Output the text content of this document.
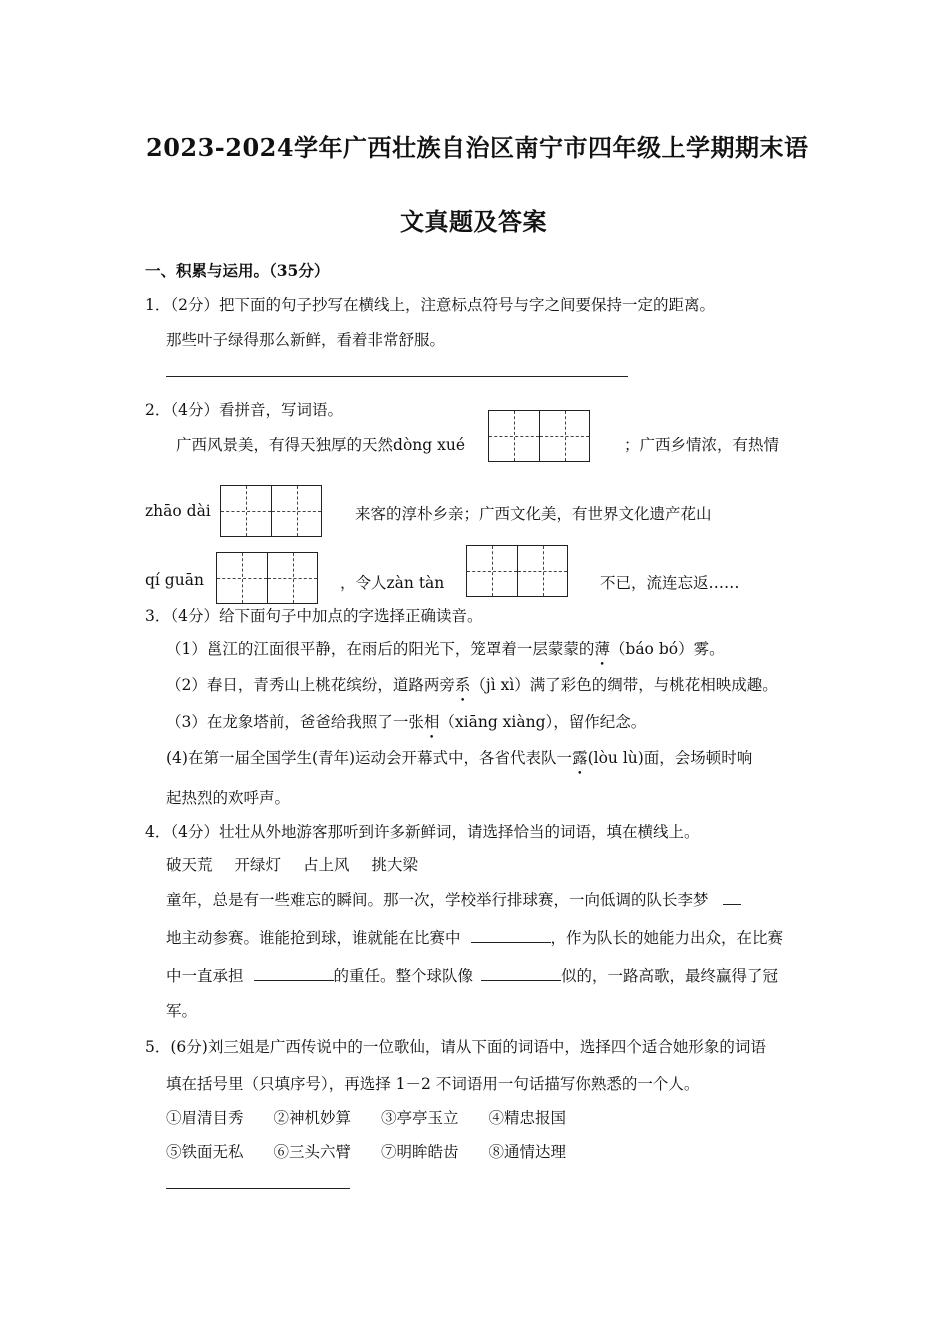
2023-2024学年广西壮族自治区南宁市四年级上学期期末语
文真题及答案
一、积累与运用。（35分）
1．（2分）把下面的句子抄写在横线上，注意标点符号与字之间要保持一定的距离。
那些叶子绿得那么新鲜，看着非常舒服。
2．（4分）看拼音，写词语。
广西风景美，有得天独厚的天然dòng xué	；广西乡情浓，有热情
zhāo dài	来客的淳朴乡亲；广西文化美，有世界文化遗产花山
qí guān	，令人zàn tàn	不已，流连忘返……
3．（4分）给下面句子中加点的字选择正确读音。
（1）邕江的江面很平静，在雨后的阳光下，笼罩着一层蒙蒙的薄（báo bó）雾。
（2）春日，青秀山上桃花缤纷，道路两旁系（jì xì）满了彩色的绸带，与桃花相映成趣。
（3）在龙象塔前，爸爸给我照了一张相（xiāng xiàng），留作纪念。
(4)在第一届全国学生(青年)运动会开幕式中，各省代表队一露(lòu lù)面，会场顿时响
起热烈的欢呼声。
4．（4分）壮壮从外地游客那听到许多新鲜词，请选择恰当的词语，填在横线上。
破天荒 开绿灯 占上风 挑大梁
童年，总是有一些难忘的瞬间。那一次，学校举行排球赛，一向低调的队长李梦
地主动参赛。谁能抢到球，谁就能在比赛中	，作为队长的她能力出众，在比赛
中一直承担	的重任。整个球队像	似的，一路高歌，最终赢得了冠
军。
5．(6分)刘三姐是广西传说中的一位歌仙，请从下面的词语中，选择四个适合她形象的词语
填在括号里（只填序号），再选择 1－2 不词语用一句话描写你熟悉的一个人。
①眉清目秀 ②神机妙算 ③亭亭玉立 ④精忠报国
⑤铁面无私 ⑥三头六臂 ⑦明眸皓齿 ⑧通情达理
